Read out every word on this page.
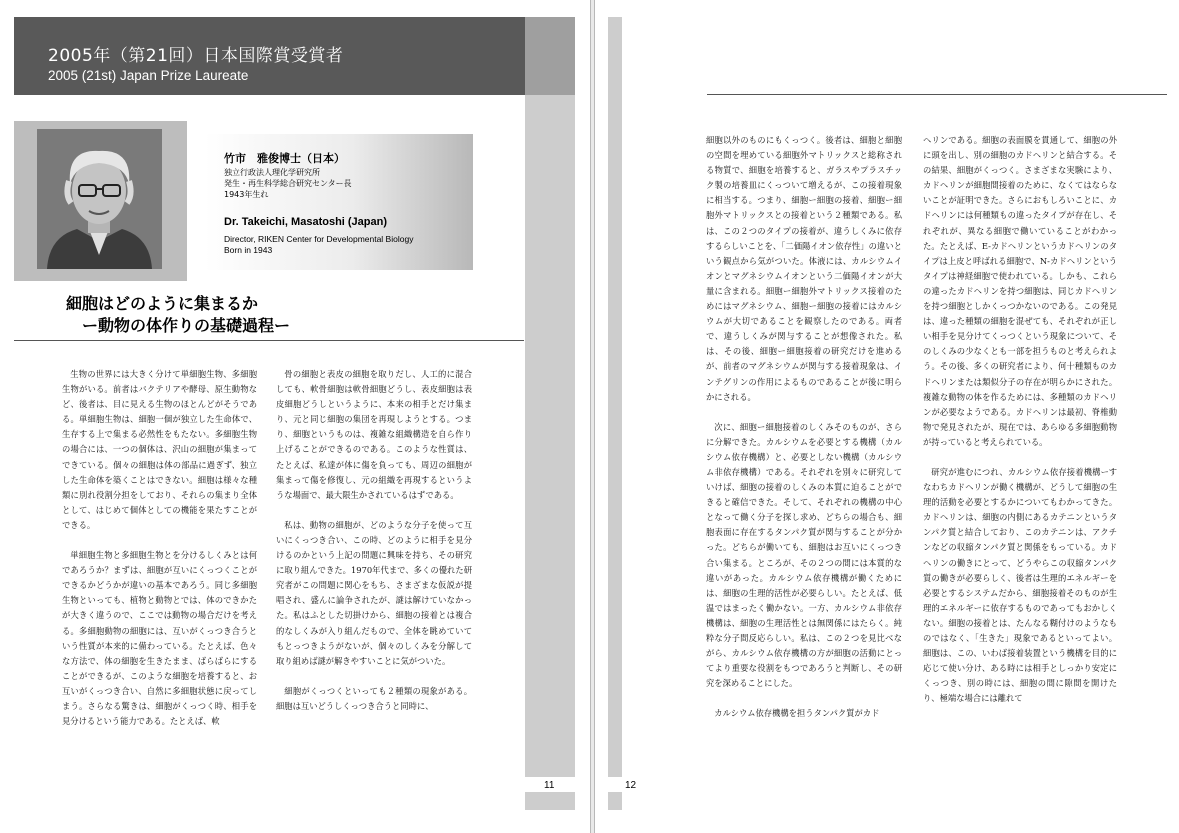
2005年（第21回）日本国際賞受賞者
2005 (21st) Japan Prize Laureate
竹市　雅俊博士（日本）
独立行政法人理化学研究所
発生・再生科学総合研究センター長
1943年生れ
Dr. Takeichi, Masatoshi (Japan)
Director, RIKEN Center for Developmental Biology
Born in 1943
細胞はどのように集まるか
ー動物の体作りの基礎過程ー

生物の世界には大きく分けて単細胞生物、多細胞生物がいる。前者はバクテリアや酵母、原生動物など、後者は、目に見える生物のほとんどがそうである。単細胞生物は、細胞一個が独立した生命体で、生存する上で集まる必然性をもたない。多細胞生物の場合には、一つの個体は、沢山の細胞が集まってできている。個々の細胞は体の部品に過ぎず、独立した生命体を築くことはできない。細胞は様々な種類に別れ役割分担をしており、それらの集まり全体として、はじめて個体としての機能を果たすことができる。

単細胞生物と多細胞生物とを分けるしくみとは何であろうか？まずは、細胞が互いにくっつくことができるかどうかが違いの基本であろう。同じ多細胞生物といっても、植物と動物とでは、体のできかたが大きく違うので、ここでは動物の場合だけを考える。多細胞動物の細胞には、互いがくっつき合うという性質が本来的に備わっている。たとえば、色々な方法で、体の細胞を生きたまま、ばらばらにすることができるが、このような細胞を培養すると、お互いがくっつき合い、自然に多細胞状態に戻ってしまう。さらなる驚きは、細胞がくっつく時、相手を見分けるという能力である。たとえば、軟

骨の細胞と表皮の細胞を取りだし、人工的に混合しても、軟骨細胞は軟骨細胞どうし、表皮細胞は表皮細胞どうしというように、本来の相手とだけ集まり、元と同じ細胞の集団を再現しようとする。つまり、細胞というものは、複雑な組織構造を自ら作り上げることができるのである。このような性質は、たとえば、私達が体に傷を負っても、周辺の細胞が集まって傷を修復し、元の組織を再現するというような場面で、最大限生かされているはずである。

私は、動物の細胞が、どのような分子を使って互いにくっつき合い、この時、どのように相手を見分けるのかという上記の問題に興味を持ち、その研究に取り組んできた。1970年代まで、多くの優れた研究者がこの問題に関心をもち、さまざまな仮説が提唱され、盛んに論争されたが、謎は解けていなかった。私はふとした切掛けから、細胞の接着とは複合的なしくみが入り組んだもので、全体を眺めていてもとっつきようがないが、個々のしくみを分解して取り組めば謎が解きやすいことに気がついた。

細胞がくっつくといっても２種類の現象がある。細胞は互いどうしくっつき合うと同時に、

11

細胞以外のものにもくっつく。後者は、細胞と細胞の空間を埋めている細胞外マトリックスと総称される物質で、細胞を培養すると、ガラスやプラスチック製の培養皿にくっついて増えるが、この接着現象に相当する。つまり、細胞ー細胞の接着、細胞ー細胞外マトリックスとの接着という２種類である。私は、この２つのタイプの接着が、違うしくみに依存するらしいことを、「二価陽イオン依存性」の違いという観点から気がついた。体液には、カルシウムイオンとマグネシウムイオンという二価陽イオンが大量に含まれる。細胞ー細胞外マトリックス接着のためにはマグネシウム、細胞ー細胞の接着にはカルシウムが大切であることを観察したのである。両者で、違うしくみが関与することが想像された。私は、その後、細胞ー細胞接着の研究だけを進めるが、前者のマグネシウムが関与する接着現象は、インテグリンの作用によるものであることが後に明らかにされる。

次に、細胞ー細胞接着のしくみそのものが、さらに分解できた。カルシウムを必要とする機構（カルシウム依存機構）と、必要としない機構（カルシウム非依存機構）である。それぞれを別々に研究していけば、細胞の接着のしくみの本質に迫ることができると確信できた。そして、それぞれの機構の中心となって働く分子を探し求め、どちらの場合も、細胞表面に存在するタンパク質が関与することが分かった。どちらが働いても、細胞はお互いにくっつき合い集まる。ところが、その２つの間には本質的な違いがあった。カルシウム依存機構が働くためには、細胞の生理的活性が必要らしい。たとえば、低温ではまったく働かない。一方、カルシウム非依存機構は、細胞の生理活性とは無関係にはたらく。純粋な分子間反応らしい。私は、この２つを見比べながら、カルシウム依存機構の方が細胞の活動にとってより重要な役割をもつであろうと判断し、その研究を深めることにした。

カルシウム依存機構を担うタンパク質がカド

ヘリンである。細胞の表面膜を貫通して、細胞の外に頭を出し、別の細胞のカドヘリンと結合する。その結果、細胞がくっつく。さまざまな実験により、カドヘリンが細胞間接着のために、なくてはならないことが証明できた。さらにおもしろいことに、カドヘリンには何種類もの違ったタイプが存在し、それぞれが、異なる細胞で働いていることがわかった。たとえば、E-カドヘリンというカドヘリンのタイプは上皮と呼ばれる細胞で、N-カドヘリンというタイプは神経細胞で使われている。しかも、これらの違ったカドヘリンを持つ細胞は、同じカドヘリンを持つ細胞としかくっつかないのである。この発見は、違った種類の細胞を混ぜても、それぞれが正しい相手を見分けてくっつくという現象について、そのしくみの少なくとも一部を担うものと考えられよう。その後、多くの研究者により、何十種類ものカドヘリンまたは類似分子の存在が明らかにされた。複雑な動物の体を作るためには、多種類のカドヘリンが必要なようである。カドヘリンは最初、脊椎動物で発見されたが、現在では、あらゆる多細胞動物が持っていると考えられている。

研究が進むにつれ、カルシウム依存接着機構ーすなわちカドヘリンが働く機構が、どうして細胞の生理的活動を必要とするかについてもわかってきた。カドヘリンは、細胞の内側にあるカテニンというタンパク質と結合しており、このカテニンは、アクチンなどの収縮タンパク質と関係をもっている。カドヘリンの働きにとって、どうやらこの収縮タンパク質の働きが必要らしく、後者は生理的エネルギーを必要とするシステムだから、細胞接着そのものが生理的エネルギーに依存するものであってもおかしくない。細胞の接着とは、たんなる糊付けのようなものではなく、「生きた」現象であるといってよい。細胞は、この、いわば接着装置という機構を目的に応じて使い分け、ある時には相手としっかり安定にくっつき、別の時には、細胞の間に隙間を開けたり、極端な場合には離れて

12
